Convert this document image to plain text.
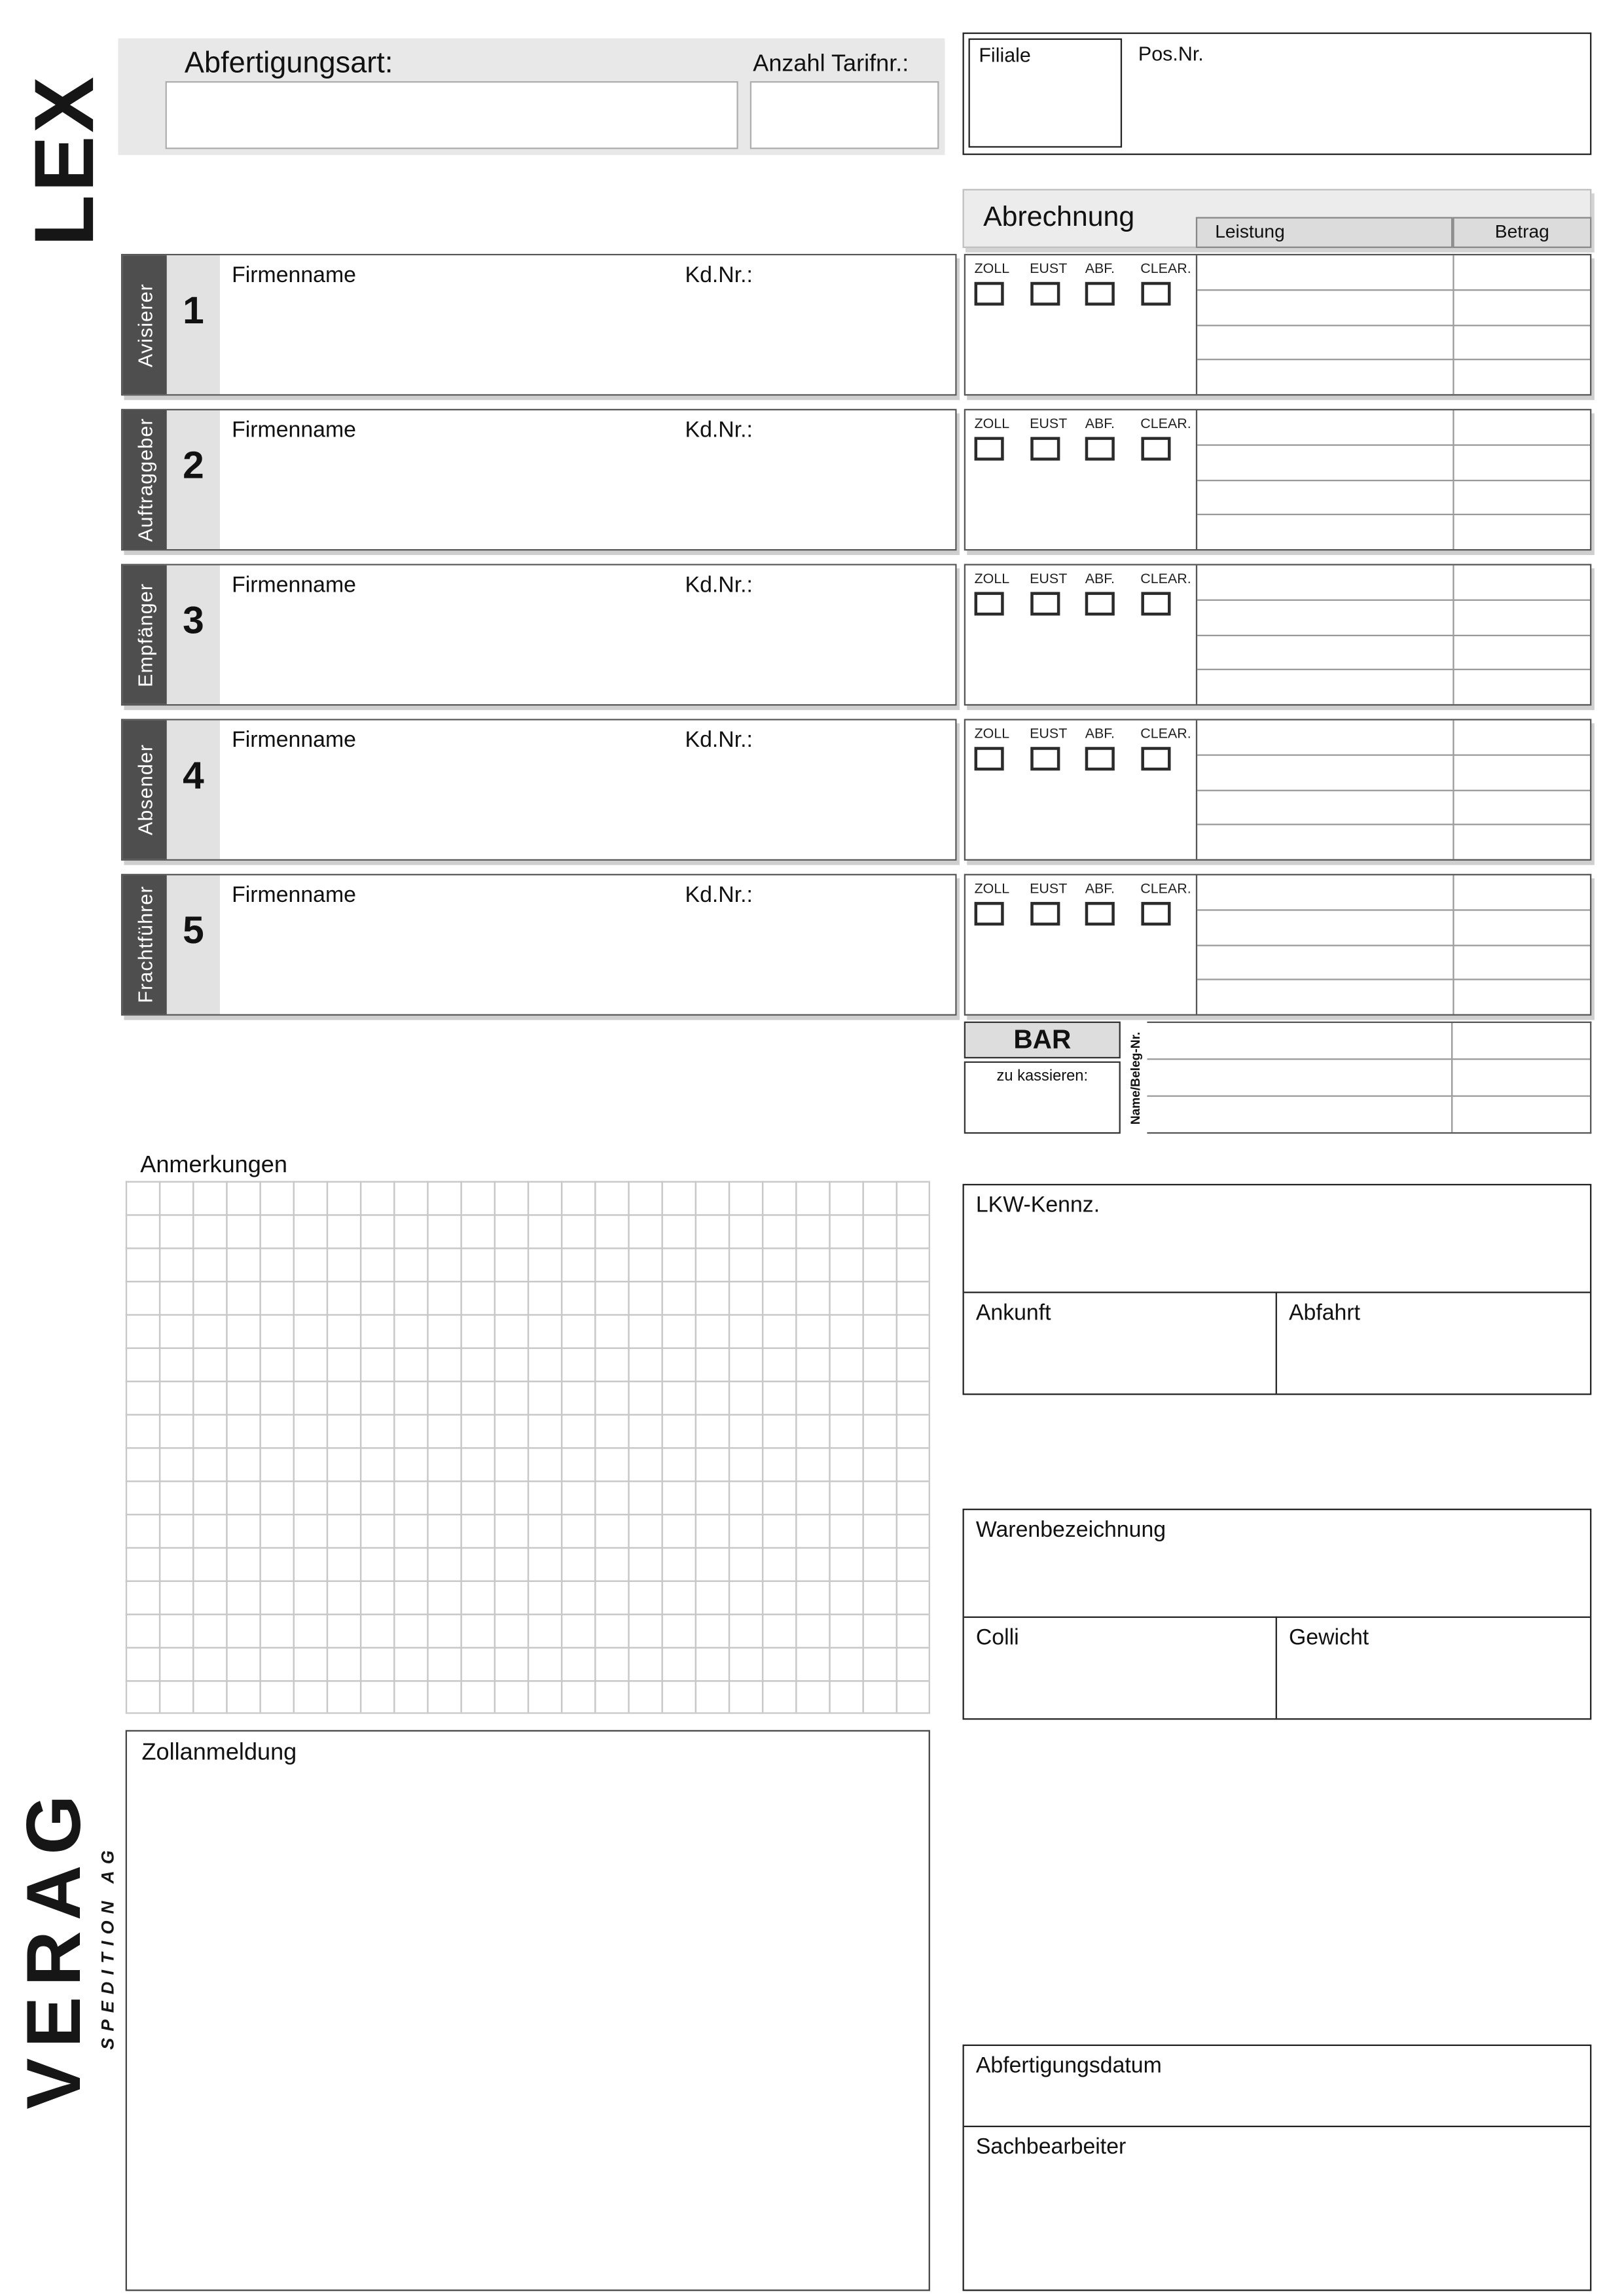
LEX
Abfertigungsart:	Anzahl Tarifnr.:	Filiale	Pos.Nr.
Abrechnung	Leistung	Betrag
Avisierer 1
Firmenname	Kd.Nr.:	ZOLL	EUST	ABF.	CLEAR.
Auftraggeber 2
Firmenname	Kd.Nr.:	ZOLL	EUST	ABF.	CLEAR.
Empfänger 3
Firmenname	Kd.Nr.:	ZOLL	EUST	ABF.	CLEAR.
Absender 4
Firmenname	Kd.Nr.:	ZOLL	EUST	ABF.	CLEAR.
Frachtführer 5
Firmenname	Kd.Nr.:	ZOLL	EUST	ABF.	CLEAR.
BAR
zu kassieren:	Name/Beleg-Nr.
Anmerkungen
LKW-Kennz.
Ankunft	Abfahrt
Warenbezeichnung
Colli	Gewicht
VERAG SPEDITION AG
Zollanmeldung
Abfertigungsdatum
Sachbearbeiter
